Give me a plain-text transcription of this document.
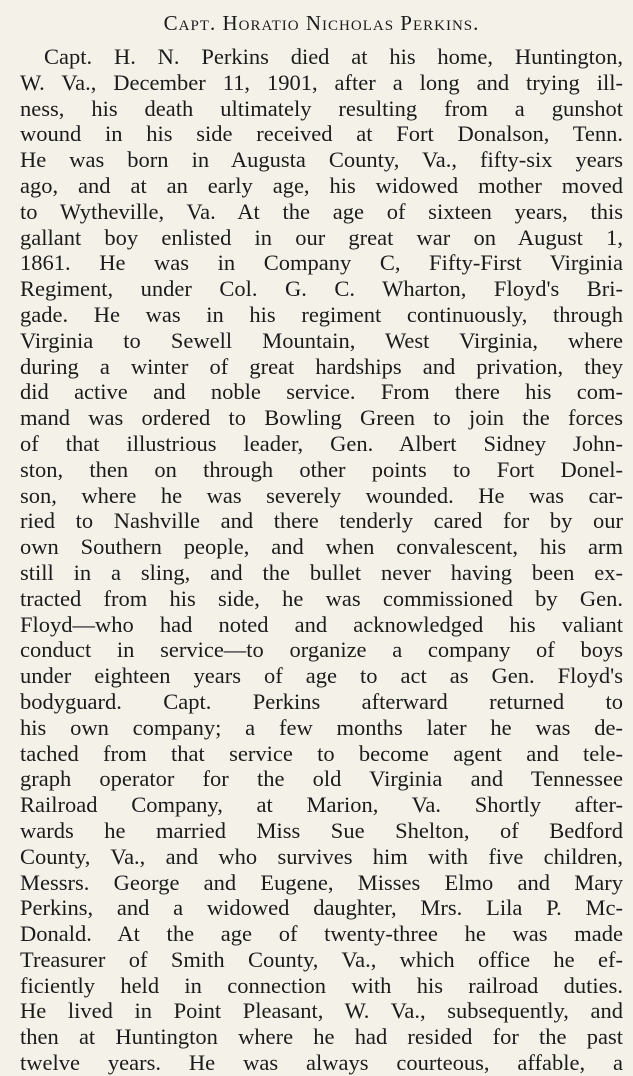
Capt. Horatio Nicholas Perkins.
Capt. H. N. Perkins died at his home, Huntington,
W. Va., December 11, 1901, after a long and trying ill-
ness, his death ultimately resulting from a gunshot
wound in his side received at Fort Donalson, Tenn.
He was born in Augusta County, Va., fifty-six years
ago, and at an early age, his widowed mother moved
to Wytheville, Va. At the age of sixteen years, this
gallant boy enlisted in our great war on August 1,
1861. He was in Company C, Fifty-First Virginia
Regiment, under Col. G. C. Wharton, Floyd's Bri-
gade. He was in his regiment continuously, through
Virginia to Sewell Mountain, West Virginia, where
during a winter of great hardships and privation, they
did active and noble service. From there his com-
mand was ordered to Bowling Green to join the forces
of that illustrious leader, Gen. Albert Sidney John-
ston, then on through other points to Fort Donel-
son, where he was severely wounded. He was car-
ried to Nashville and there tenderly cared for by our
own Southern people, and when convalescent, his arm
still in a sling, and the bullet never having been ex-
tracted from his side, he was commissioned by Gen.
Floyd—who had noted and acknowledged his valiant
conduct in service—to organize a company of boys
under eighteen years of age to act as Gen. Floyd's
bodyguard. Capt. Perkins afterward returned to
his own company; a few months later he was de-
tached from that service to become agent and tele-
graph operator for the old Virginia and Tennessee
Railroad Company, at Marion, Va. Shortly after-
wards he married Miss Sue Shelton, of Bedford
County, Va., and who survives him with five children,
Messrs. George and Eugene, Misses Elmo and Mary
Perkins, and a widowed daughter, Mrs. Lila P. Mc-
Donald. At the age of twenty-three he was made
Treasurer of Smith County, Va., which office he ef-
ficiently held in connection with his railroad duties.
He lived in Point Pleasant, W. Va., subsequently, and
then at Huntington where he had resided for the past
twelve years. He was always courteous, affable, a
